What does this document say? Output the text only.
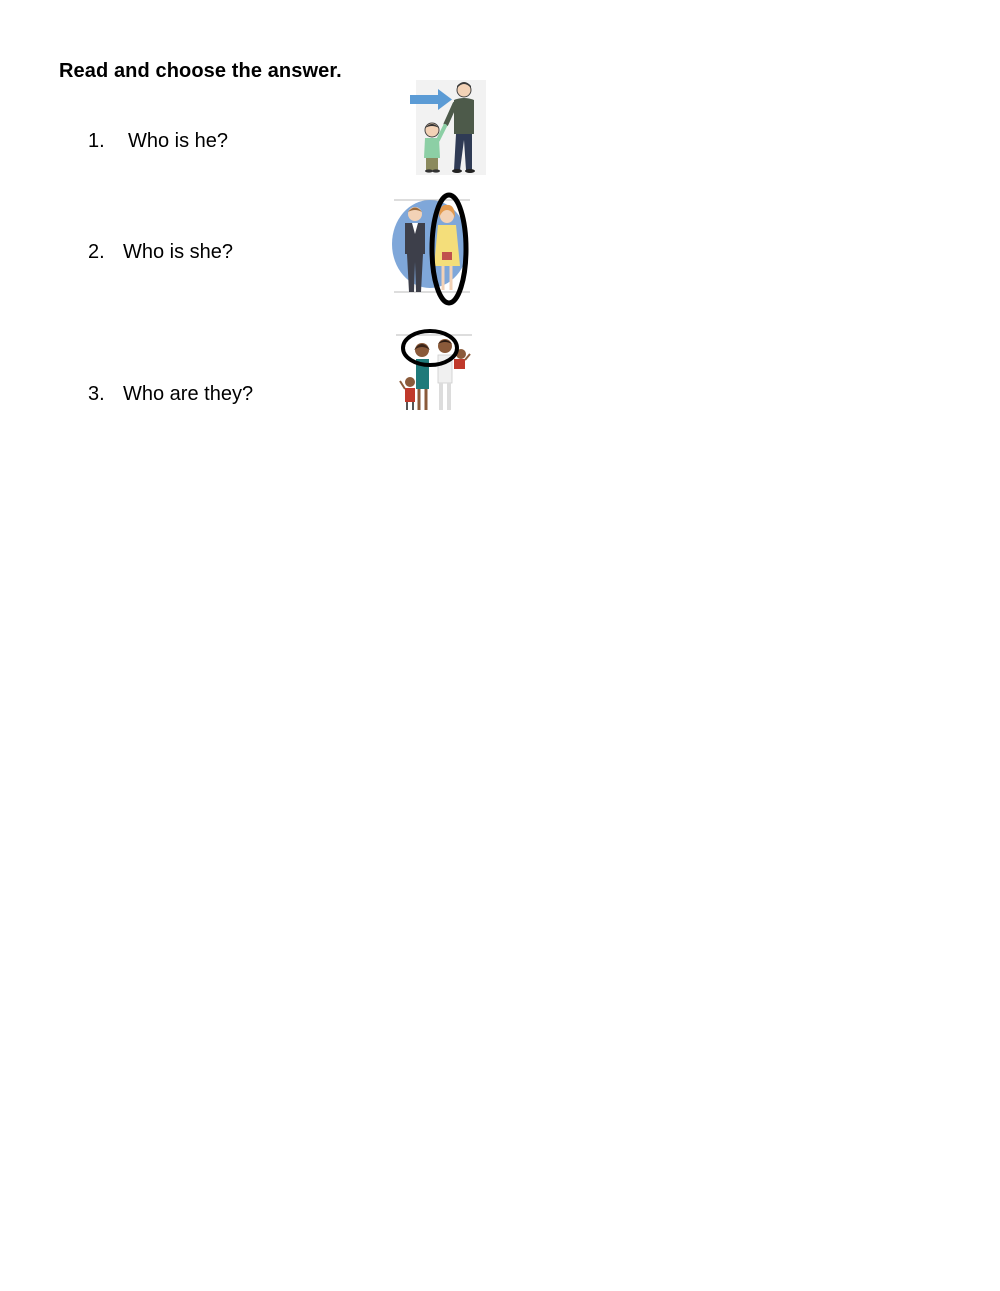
Read and choose the answer.
1. Who is he?
2. Who is she?
3. Who are they?
